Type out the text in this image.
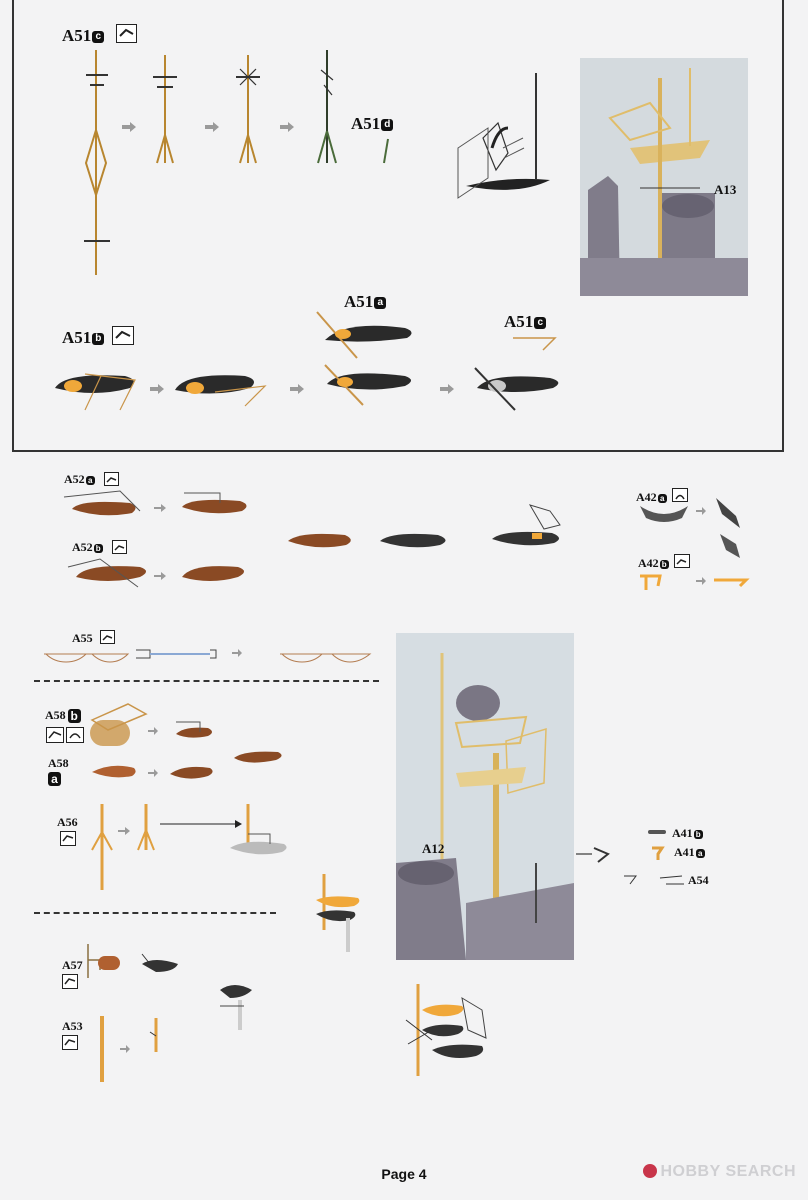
A51 c
A51 d
A13
A51 a
A51 b
A51 c
A52 a
A52 b
A42 a
A42 b
A55
A58 b
A58
a
A56
A12
A41 b
A41 a
A54
A57
A53
Page 4	HOBBY SEARCH
